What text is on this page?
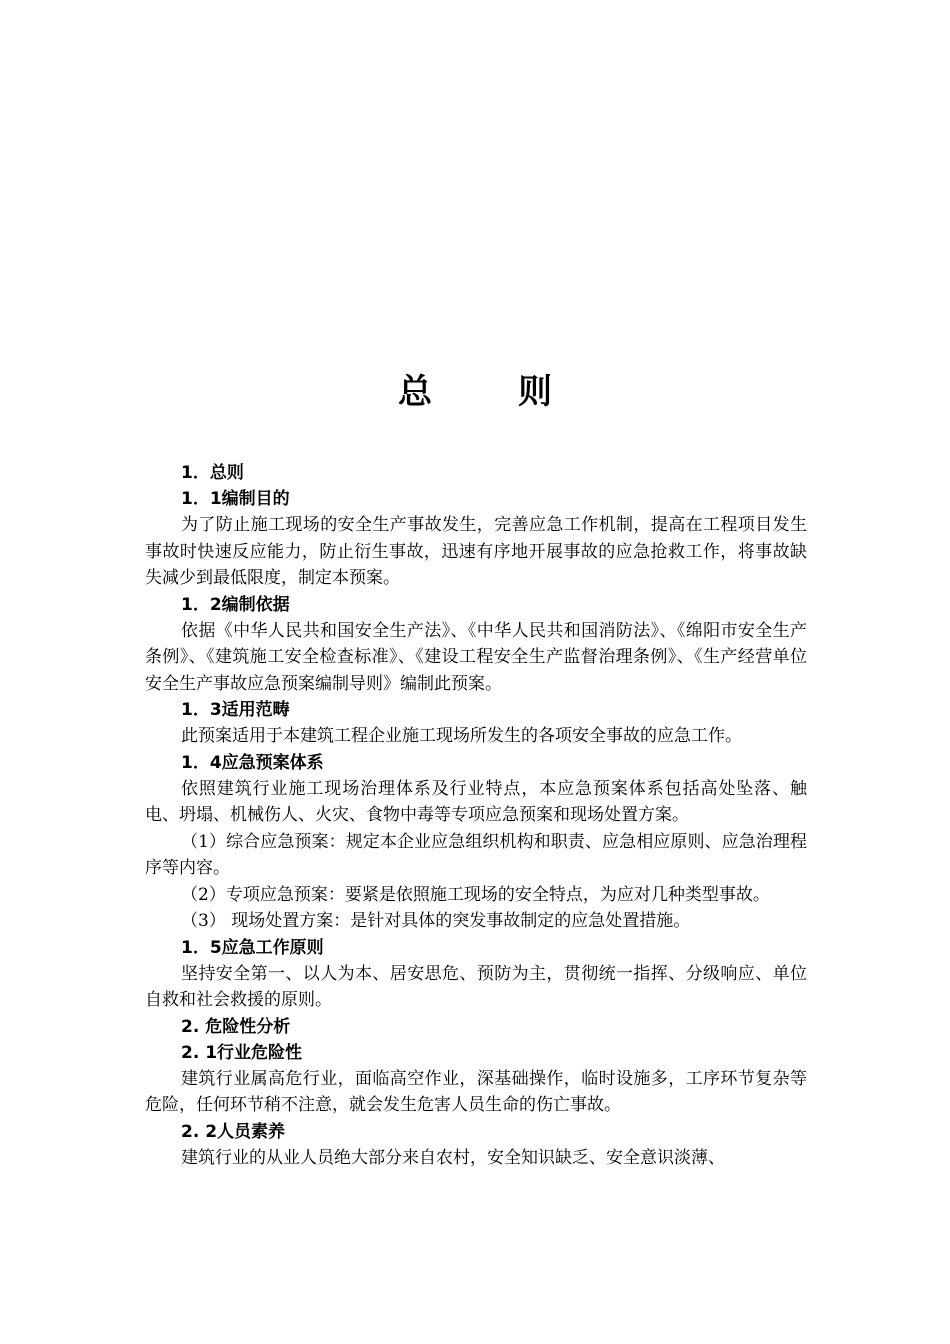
总	则
1．总则
1．1编制目的
为了防止施工现场的安全生产事故发生，完善应急工作机制，提高在工程项目发生事故时快速反应能力，防止衍生事故，迅速有序地开展事故的应急抢救工作，将事故缺失减少到最低限度，制定本预案。
1．2编制依据
依据《中华人民共和国安全生产法》、《中华人民共和国消防法》、《绵阳市安全生产条例》、《建筑施工安全检查标准》、《建设工程安全生产监督治理条例》、《生产经营单位安全生产事故应急预案编制导则》编制此预案。
1．3适用范畴
此预案适用于本建筑工程企业施工现场所发生的各项安全事故的应急工作。
1．4应急预案体系
依照建筑行业施工现场治理体系及行业特点，本应急预案体系包括高处坠落、触电、坍塌、机械伤人、火灾、食物中毒等专项应急预案和现场处置方案。
（1）综合应急预案：规定本企业应急组织机构和职责、应急相应原则、应急治理程序等内容。
（2）专项应急预案：要紧是依照施工现场的安全特点，为应对几种类型事故。
（3） 现场处置方案：是针对具体的突发事故制定的应急处置措施。
1．5应急工作原则
坚持安全第一、以人为本、居安思危、预防为主，贯彻统一指挥、分级响应、单位自救和社会救援的原则。
2. 危险性分析
2. 1行业危险性
建筑行业属高危行业，面临高空作业，深基础操作，临时设施多，工序环节复杂等危险，任何环节稍不注意，就会发生危害人员生命的伤亡事故。
2. 2人员素养
建筑行业的从业人员绝大部分来自农村，安全知识缺乏、安全意识淡薄、
